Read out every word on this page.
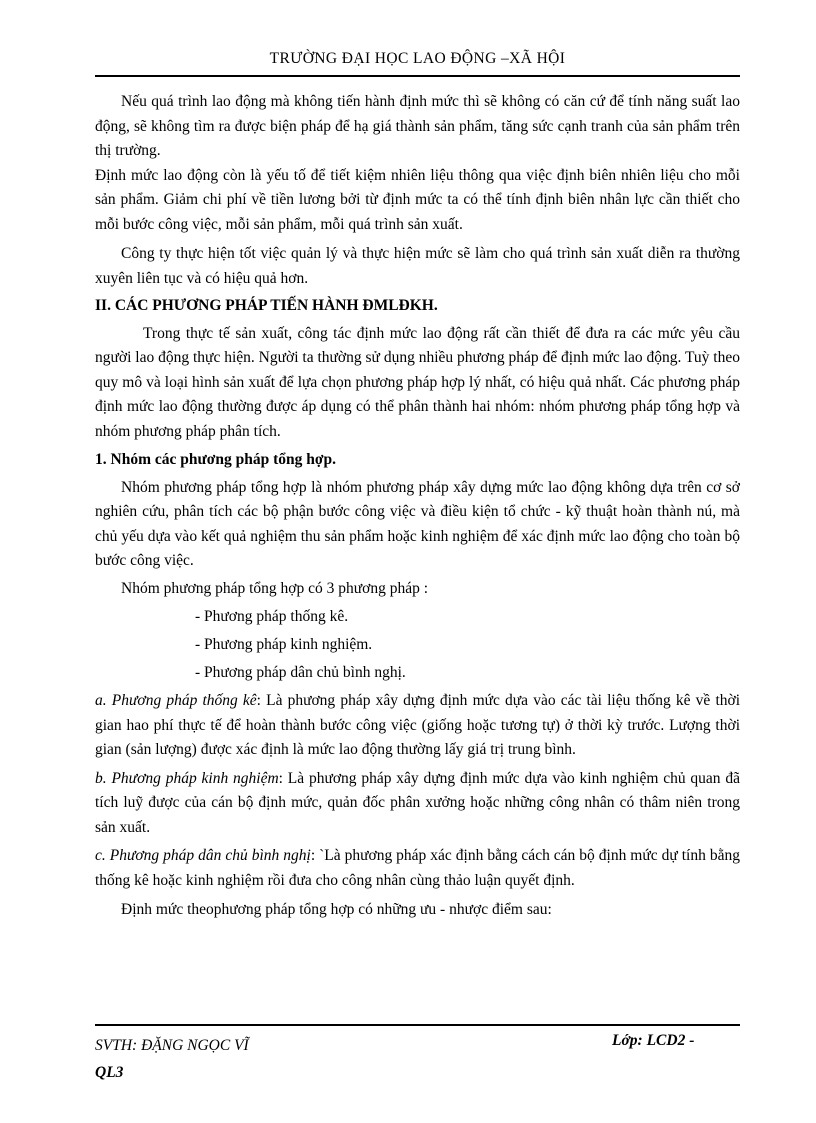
TRƯỜNG ĐẠI HỌC LAO ĐỘNG –XÃ HỘI

Nếu quá trình lao động mà không tiến hành định mức thì sẽ không có căn cứ để tính năng suất lao động, sẽ không tìm ra được biện pháp để hạ giá thành sản phẩm, tăng sức cạnh tranh của sản phẩm trên thị trường.

Định mức lao động còn là yếu tố để tiết kiệm nhiên liệu thông qua việc định biên nhiên liệu cho mỗi sản phẩm. Giảm chi phí về tiền lương bởi từ định mức ta có thể tính định biên nhân lực cần thiết cho mỗi bước công việc, mỗi sản phẩm, mỗi quá trình sản xuất.

Công ty thực hiện tốt việc quản lý và thực hiện mức sẽ làm cho quá trình sản xuất diễn ra thường xuyên liên tục và có hiệu quả hơn.

II. CÁC PHƯƠNG PHÁP TIẾN HÀNH ĐMLĐKH.

Trong thực tế sản xuất, công tác định mức lao động rất cần thiết để đưa ra các mức yêu cầu người lao động thực hiện. Người ta thường sử dụng nhiều phương pháp để định mức lao động. Tuỳ theo quy mô và loại hình sản xuất để lựa chọn phương pháp hợp lý nhất, có hiệu quả nhất. Các phương pháp định mức lao động thường được áp dụng có thể phân thành hai nhóm: nhóm phương pháp tổng hợp và nhóm phương pháp phân tích.

1. Nhóm các phương pháp tổng hợp.

Nhóm phương pháp tổng hợp là nhóm phương pháp xây dựng mức lao động không dựa trên cơ sở nghiên cứu, phân tích các bộ phận bước công việc và điều kiện tổ chức - kỹ thuật hoàn thành nú, mà chủ yếu dựa vào kết quả nghiệm thu sản phẩm hoặc kinh nghiệm để xác định mức lao động cho toàn bộ bước công việc.

Nhóm phương pháp tổng hợp có 3 phương pháp :

- Phương pháp thống kê.

- Phương pháp kinh nghiệm.

- Phương pháp dân chủ bình nghị.

a. Phương pháp thống kê: Là phương pháp xây dựng định mức dựa vào các tài liệu thống kê về thời gian hao phí thực tế để hoàn thành bước công việc (giống hoặc tương tự) ở thời kỳ trước. Lượng thời gian (sản lượng) được xác định là mức lao động thường lấy giá trị trung bình.

b. Phương pháp kinh nghiệm: Là phương pháp xây dựng định mức dựa vào kinh nghiệm chủ quan đã tích luỹ được của cán bộ định mức, quản đốc phân xưởng hoặc những công nhân có thâm niên trong sản xuất.

c. Phương pháp dân chủ bình nghị: `Là phương pháp xác định bằng cách cán bộ định mức dự tính bằng thống kê hoặc kinh nghiệm rồi đưa cho công nhân cùng thảo luận quyết định.

Định mức theophương pháp tổng hợp có những ưu - nhược điểm sau:

SVTH: ĐẶNG NGỌC VĨ
QL3
Lớp: LCD2 -
